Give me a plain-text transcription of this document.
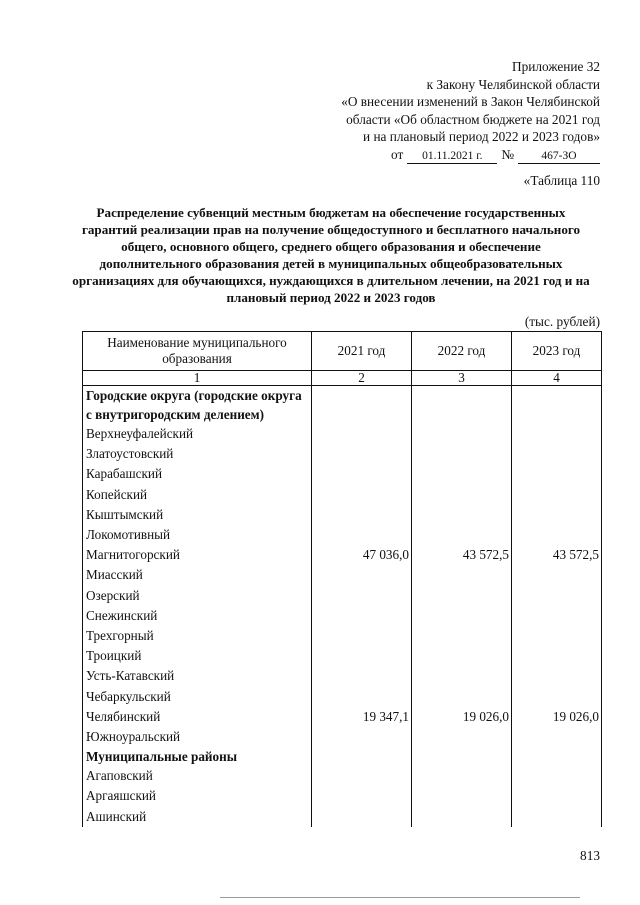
Приложение 32
к Закону Челябинской области
«О внесении изменений в Закон Челябинской
области «Об областном бюджете на 2021 год
и на плановый период 2022 и 2023 годов»
от	01.11.2021 г.	№	467-ЗО
«Таблица 110
Распределение субвенций местным бюджетам на обеспечение государственных гарантий реализации прав на получение общедоступного и бесплатного начального общего, основного общего, среднего общего образования и обеспечение дополнительного образования детей в муниципальных общеобразовательных организациях для обучающихся, нуждающихся в длительном лечении, на 2021 год и на плановый период 2022 и 2023 годов
(тыс. рублей)
Наименование муниципального образования	2021 год	2022 год	2023 год
1	2	3	4
Городские округа (городские округа			
с внутригородским делением)			
Верхнеуфалейский			
Златоустовский			
Карабашский			
Копейский			
Кыштымский			
Локомотивный			
Магнитогорский	47 036,0	43 572,5	43 572,5
Миасский			
Озерский			
Снежинский			
Трехгорный			
Троицкий			
Усть-Катавский			
Чебаркульский			
Челябинский	19 347,1	19 026,0	19 026,0
Южноуральский			
Муниципальные районы			
Агаповский			
Аргаяшский			
Ашинский			
813
